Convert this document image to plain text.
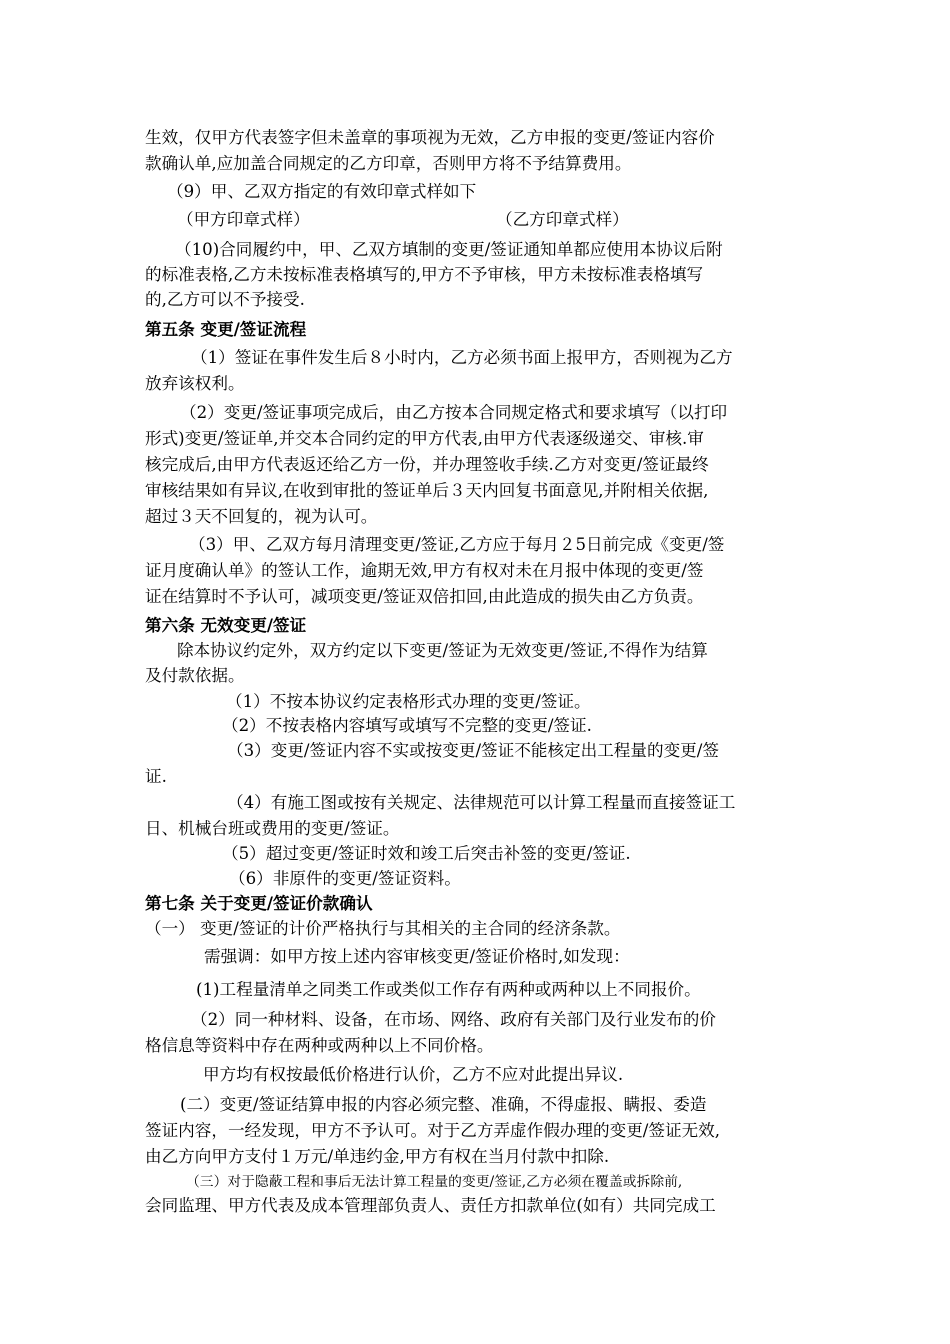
生效，仅甲方代表签字但未盖章的事项视为无效，乙方申报的变更/签证内容价
款确认单,应加盖合同规定的乙方印章，否则甲方将不予结算费用。
（9）甲、乙双方指定的有效印章式样如下
（甲方印章式样）	（乙方印章式样）
（10)合同履约中，甲、乙双方填制的变更/签证通知单都应使用本协议后附
的标准表格,乙方未按标准表格填写的,甲方不予审核，甲方未按标准表格填写
的,乙方可以不予接受.
第五条 变更/签证流程
（1）签证在事件发生后８小时内，乙方必须书面上报甲方，否则视为乙方
放弃该权利。
（2）变更/签证事项完成后，由乙方按本合同规定格式和要求填写（以打印
形式)变更/签证单,并交本合同约定的甲方代表,由甲方代表逐级递交、审核.审
核完成后,由甲方代表返还给乙方一份，并办理签收手续.乙方对变更/签证最终
审核结果如有异议,在收到审批的签证单后３天内回复书面意见,并附相关依据,
超过３天不回复的，视为认可。
（3）甲、乙双方每月清理变更/签证,乙方应于每月２5日前完成《变更/签
证月度确认单》的签认工作，逾期无效,甲方有权对未在月报中体现的变更/签
证在结算时不予认可，减项变更/签证双倍扣回,由此造成的损失由乙方负责。
第六条 无效变更/签证
除本协议约定外，双方约定以下变更/签证为无效变更/签证,不得作为结算
及付款依据。
（1）不按本协议约定表格形式办理的变更/签证。
（2）不按表格内容填写或填写不完整的变更/签证.
（3）变更/签证内容不实或按变更/签证不能核定出工程量的变更/签
证.
（4）有施工图或按有关规定、法律规范可以计算工程量而直接签证工
日、机械台班或费用的变更/签证。
（5）超过变更/签证时效和竣工后突击补签的变更/签证.
（6）非原件的变更/签证资料。
第七条 关于变更/签证价款确认
（一） 变更/签证的计价严格执行与其相关的主合同的经济条款。
需强调：如甲方按上述内容审核变更/签证价格时,如发现：
(1)工程量清单之同类工作或类似工作存有两种或两种以上不同报价。
（2）同一种材料、设备，在市场、网络、政府有关部门及行业发布的价
格信息等资料中存在两种或两种以上不同价格。
甲方均有权按最低价格进行认价，乙方不应对此提出异议.
(二）变更/签证结算申报的内容必须完整、准确，不得虚报、瞒报、委造
签证内容，一经发现，甲方不予认可。对于乙方弄虚作假办理的变更/签证无效,
由乙方向甲方支付１万元/单违约金,甲方有权在当月付款中扣除.
（三）对于隐蔽工程和事后无法计算工程量的变更/签证,乙方必须在覆盖或拆除前,
会同监理、甲方代表及成本管理部负责人、责任方扣款单位(如有）共同完成工
